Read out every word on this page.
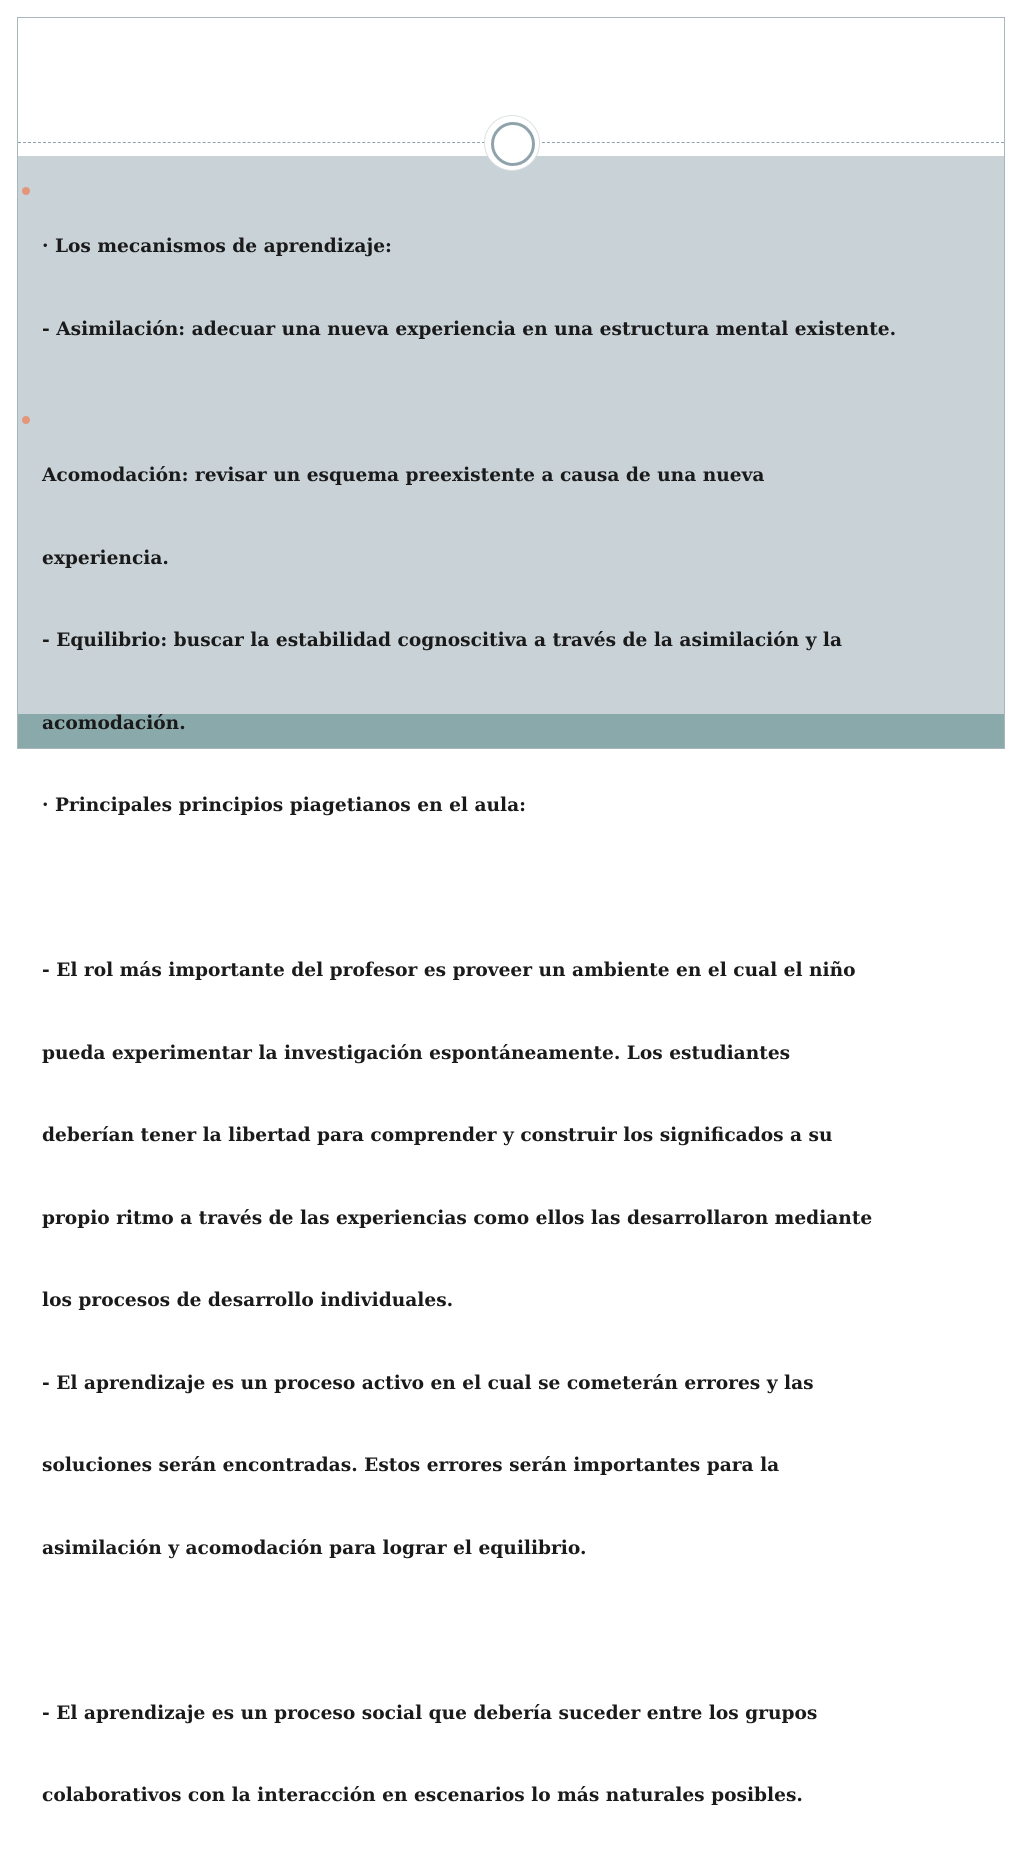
· Los mecanismos de aprendizaje:

- Asimilación: adecuar una nueva experiencia en una estructura mental existente.

Acomodación: revisar un esquema preexistente a causa de una nueva

experiencia.

- Equilibrio: buscar la estabilidad cognoscitiva a través de la asimilación y la

acomodación.

· Principales principios piagetianos en el aula:

- El rol más importante del profesor es proveer un ambiente en el cual el niño

pueda experimentar la investigación espontáneamente. Los estudiantes

deberían tener la libertad para comprender y construir los significados a su

propio ritmo a través de las experiencias como ellos las desarrollaron mediante

los procesos de desarrollo individuales.

- El aprendizaje es un proceso activo en el cual se cometerán errores y las

soluciones serán encontradas. Estos errores serán importantes para la

asimilación y acomodación para lograr el equilibrio.

- El aprendizaje es un proceso social que debería suceder entre los grupos

colaborativos con la interacción en escenarios lo más naturales posibles.
